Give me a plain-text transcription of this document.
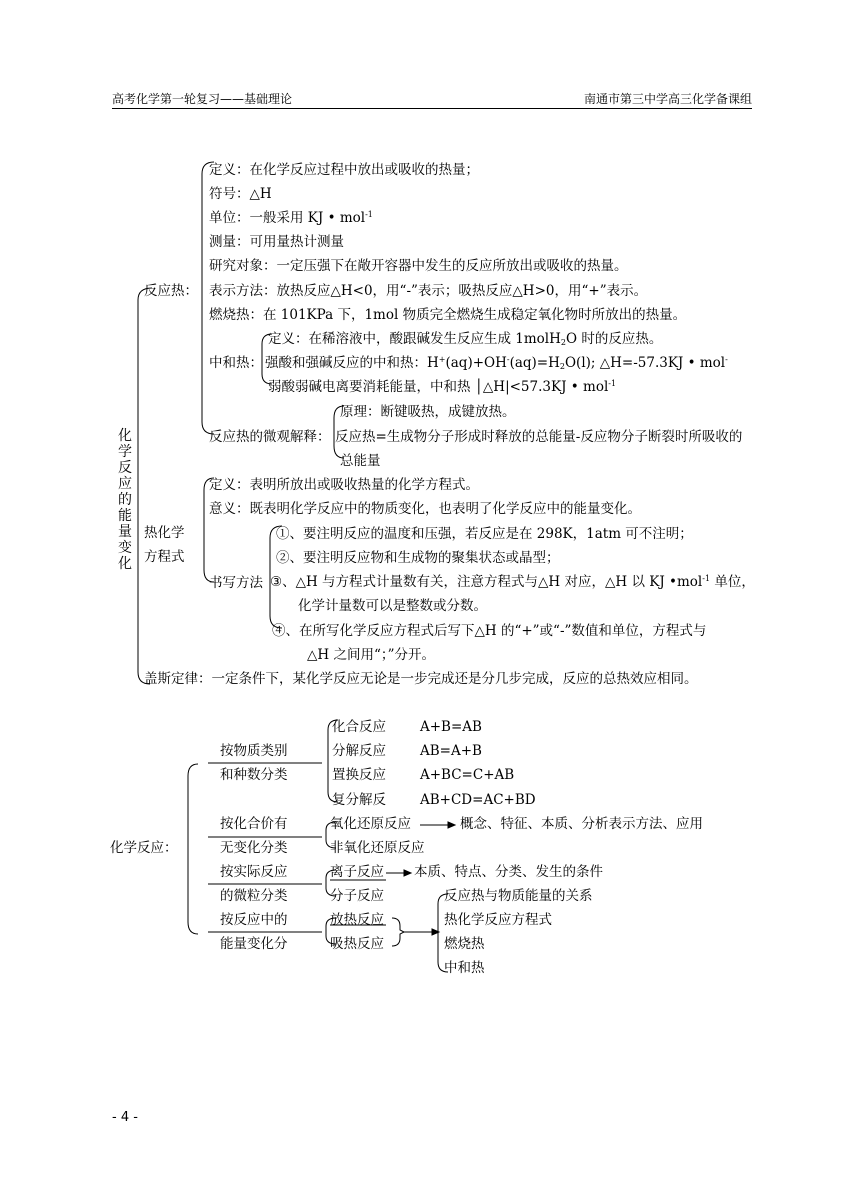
高考化学第一轮复习——基础理论	南通市第三中学高三化学备课组
化学反应的能量变化
反应热：
定义：在化学反应过程中放出或吸收的热量；
符号：△H
单位：一般采用 KJ • mol$^{-1}$
测量：可用量热计测量
研究对象：一定压强下在敞开容器中发生的反应所放出或吸收的热量。
表示方法：放热反应△H<0，用“-”表示；吸热反应△H>0，用“+”表示。
燃烧热：在 101KPa 下，1mol 物质完全燃烧生成稳定氧化物时所放出的热量。
中和热：
定义：在稀溶液中，酸跟碱发生反应生成 1molH$_2$O 时的反应热。
强酸和强碱反应的中和热：$H^+(aq)+OH^-(aq)=H_2O(l)$; △H=-57.3KJ • mol-
弱酸弱碱电离要消耗能量，中和热 │△H|<57.3KJ • mol$^{-1}$
反应热的微观解释：
原理：断键吸热，成键放热。
反应热=生成物分子形成时释放的总能量-反应物分子断裂时所吸收的
总能量
热化学
方程式
定义：表明所放出或吸收热量的化学方程式。
意义：既表明化学反应中的物质变化，也表明了化学反应中的能量变化。
书写方法
①、要注明反应的温度和压强，若反应是在 298K，1atm 可不注明；
②、要注明反应物和生成物的聚集状态或晶型；
③、△H 与方程式计量数有关，注意方程式与△H 对应，△H 以 KJ •mol$^{-1}$ 单位，
化学计量数可以是整数或分数。
④、在所写化学反应方程式后写下△H 的“+”或“-”数值和单位，方程式与
△H 之间用“；”分开。
盖斯定律：一定条件下，某化学反应无论是一步完成还是分几步完成，反应的总热效应相同。
化学反应：
按物质类别
和种数分类
化合反应	A+B=AB
分解反应	AB=A+B
置换反应	A+BC=C+AB
复分解反	AB+CD=AC+BD
按化合价有
无变化分类
氧化还原反应	概念、特征、本质、分析表示方法、应用
非氧化还原反应
按实际反应
的微粒分类
离子反应 本质、特点、分类、发生的条件
分子反应
按反应中的
能量变化分
放热反应
吸热反应
反应热与物质能量的关系
热化学反应方程式
燃烧热
中和热
- 4 -
